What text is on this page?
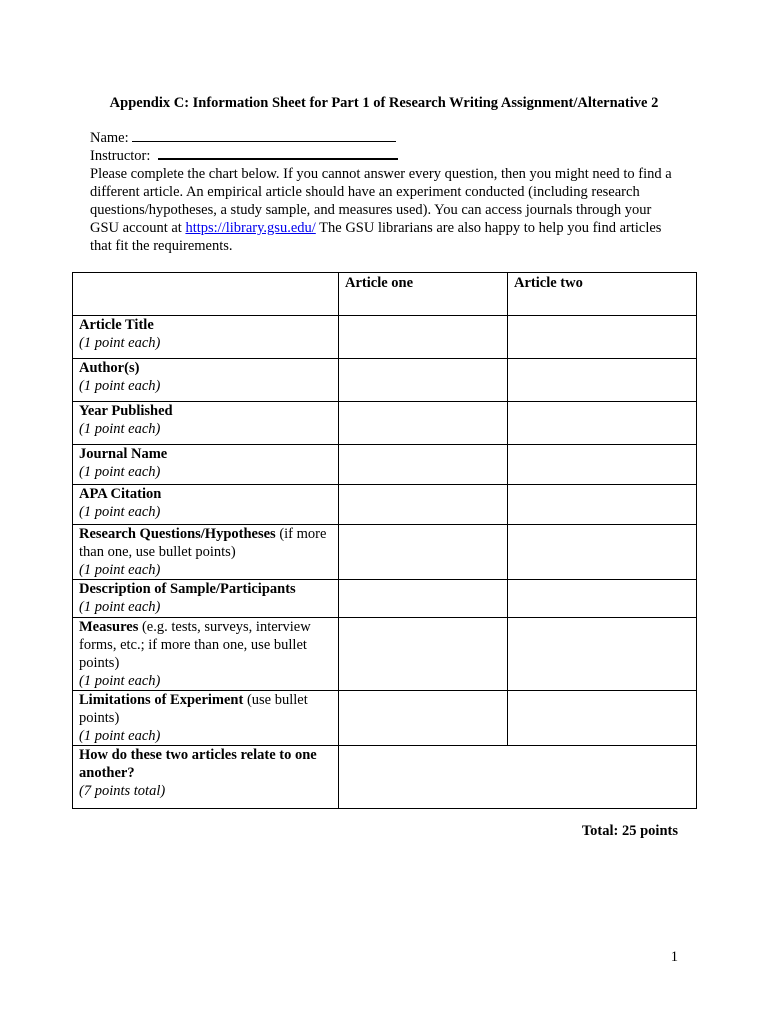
Appendix C: Information Sheet for Part 1 of Research Writing Assignment/Alternative 2
Name:
Instructor:

Please complete the chart below. If you cannot answer every question, then you might need to find a different article. An empirical article should have an experiment conducted (including research questions/hypotheses, a study sample, and measures used). You can access journals through your GSU account at https://library.gsu.edu/ The GSU librarians are also happy to help you find articles that fit the requirements.

	Article one	Article two
Article Title
(1 point each)		
Author(s)
(1 point each)		
Year Published
(1 point each)		
Journal Name
(1 point each)		
APA Citation
(1 point each)		
Research Questions/Hypotheses (if more than one, use bullet points)
(1 point each)		
Description of Sample/Participants
(1 point each)		
Measures (e.g. tests, surveys, interview forms, etc.; if more than one, use bullet points)
(1 point each)		
Limitations of Experiment (use bullet points)
(1 point each)		
How do these two articles relate to one another?
(7 points total)		
Total: 25 points
1
